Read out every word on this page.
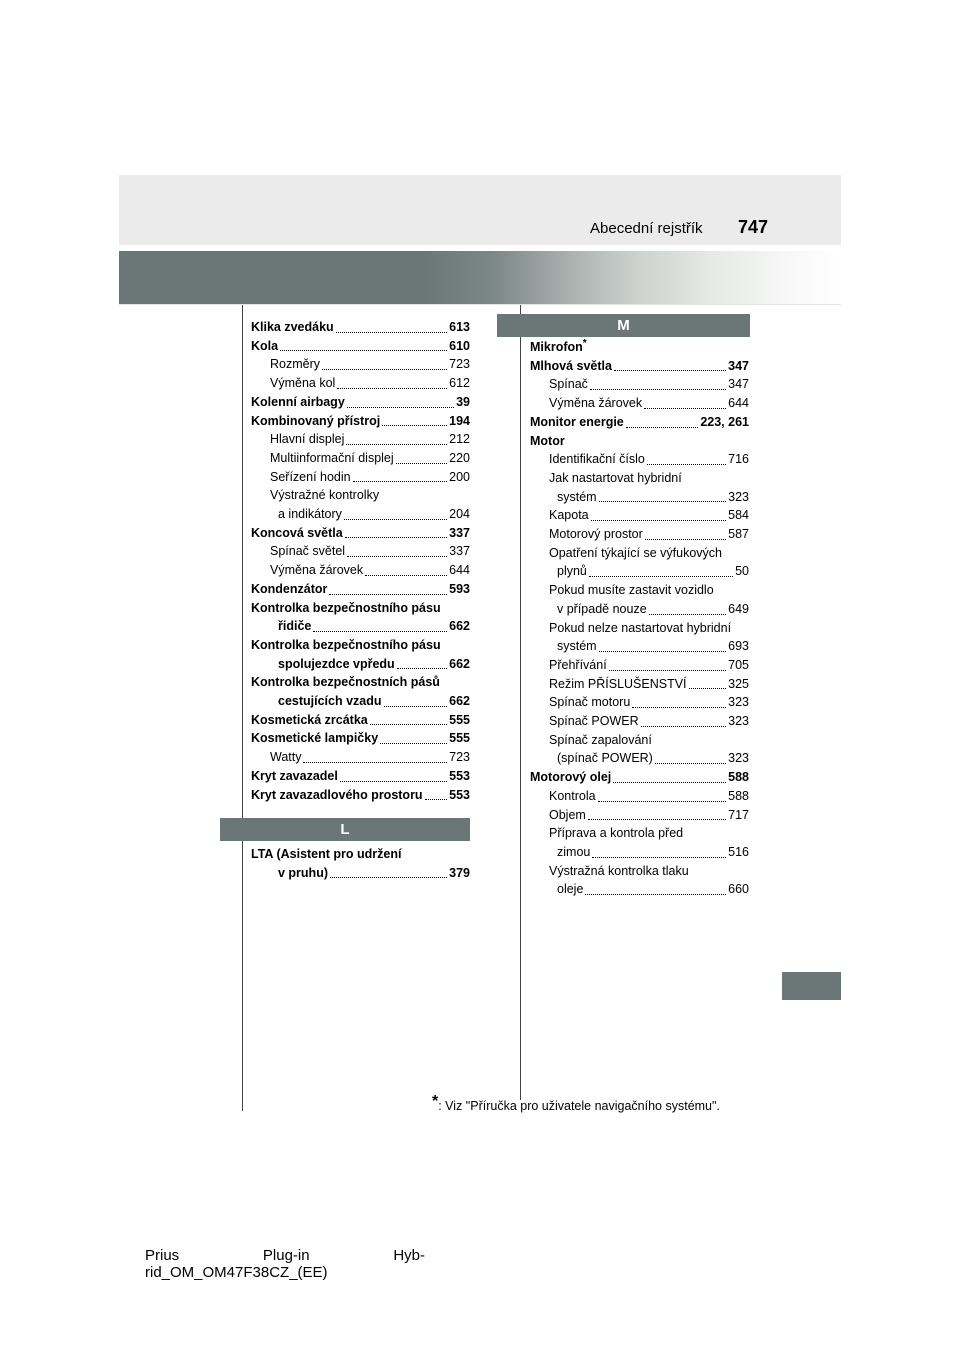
Abecední rejstřík 747
M
L
Klika zvedáku	613
Kola	610
Rozměry	723
Výměna kol	612
Kolenní airbagy	39
Kombinovaný přístroj	194
Hlavní displej	212
Multiinformační displej	220
Seřízení hodin	200
Výstražné kontrolky
a indikátory	204
Koncová světla	337
Spínač světel	337
Výměna žárovek	644
Kondenzátor	593
Kontrolka bezpečnostního pásu
řidiče	662
Kontrolka bezpečnostního pásu
spolujezdce vpředu	662
Kontrolka bezpečnostních pásů
cestujících vzadu	662
Kosmetická zrcátka	555
Kosmetické lampičky	555
Watty	723
Kryt zavazadel	553
Kryt zavazadlového prostoru 553
LTA (Asistent pro udržení
v pruhu)	379
Mikrofon*
Mlhová světla	347
Spínač	347
Výměna žárovek	644
Monitor energie	223, 261
Motor
Identifikační číslo	716
Jak nastartovat hybridní
systém	323
Kapota	584
Motorový prostor	587
Opatření týkající se výfukových
plynů	50
Pokud musíte zastavit vozidlo
v případě nouze	649
Pokud nelze nastartovat hybridní
systém	693
Přehřívání	705
Režim PŘÍSLUŠENSTVÍ	325
Spínač motoru	323
Spínač POWER	323
Spínač zapalování
(spínač POWER)	323
Motorový olej	588
Kontrola	588
Objem	717
Příprava a kontrola před
zimou	516
Výstražná kontrolka tlaku
oleje	660
*: Viz "Příručka pro uživatele navigačního systému".
Prius	Plug-in	Hyb-
rid_OM_OM47F38CZ_(EE)
